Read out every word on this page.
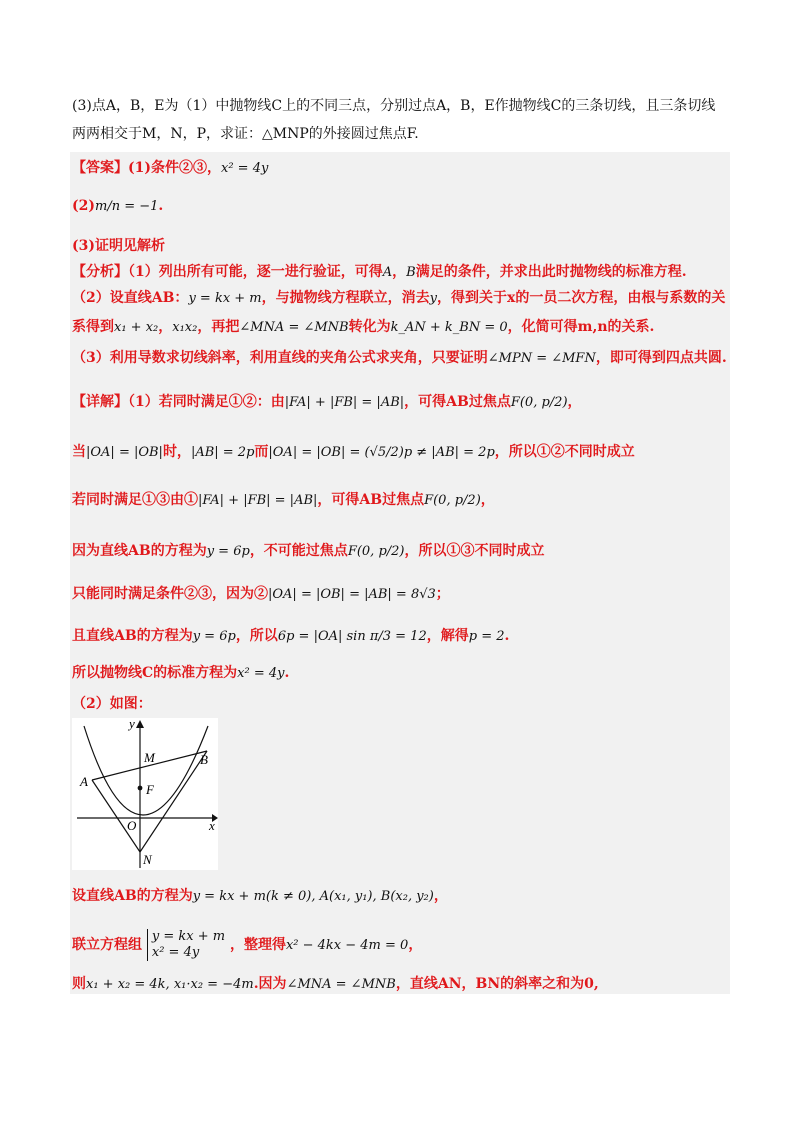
(3)点A，B，E为（1）中抛物线C上的不同三点，分别过点A，B，E作抛物线C的三条切线，且三条切线
两两相交于M，N，P，求证：△MNP的外接圆过焦点F.
【答案】(1)条件②③，x² = 4y
(2)m/n = −1.
(3)证明见解析
【分析】（1）列出所有可能，逐一进行验证，可得A，B满足的条件，并求出此时抛物线的标准方程.
（2）设直线AB：y = kx + m，与抛物线方程联立，消去y，得到关于x的一员二次方程，由根与系数的关
系得到x₁ + x₂，x₁x₂，再把∠MNA = ∠MNB转化为k_AN + k_BN = 0，化简可得m,n的关系.
（3）利用导数求切线斜率，利用直线的夹角公式求夹角，只要证明∠MPN = ∠MFN，即可得到四点共圆.
【详解】（1）若同时满足①②：由|FA| + |FB| = |AB|，可得AB过焦点F(0, p/2)，
当|OA| = |OB|时，|AB| = 2p而|OA| = |OB| = (√5/2)p ≠ |AB| = 2p，所以①②不同时成立
若同时满足①③由①|FA| + |FB| = |AB|，可得AB过焦点F(0, p/2)，
因为直线AB的方程为y = 6p，不可能过焦点F(0, p/2)，所以①③不同时成立
只能同时满足条件②③，因为②|OA| = |OB| = |AB| = 8√3；
且直线AB的方程为y = 6p，所以6p = |OA| sin π/3 = 12，解得p = 2.
所以抛物线C的标准方程为x² = 4y.
（2）如图：
y
x
M	B
A
F
O
N
设直线AB的方程为y = kx + m(k ≠ 0), A(x₁, y₁), B(x₂, y₂)，
联立方程组
y = kx + m
x² = 4y	，整理得x² − 4kx − 4m = 0，
则x₁ + x₂ = 4k, x₁·x₂ = −4m.因为∠MNA = ∠MNB，直线AN，BN的斜率之和为0,
